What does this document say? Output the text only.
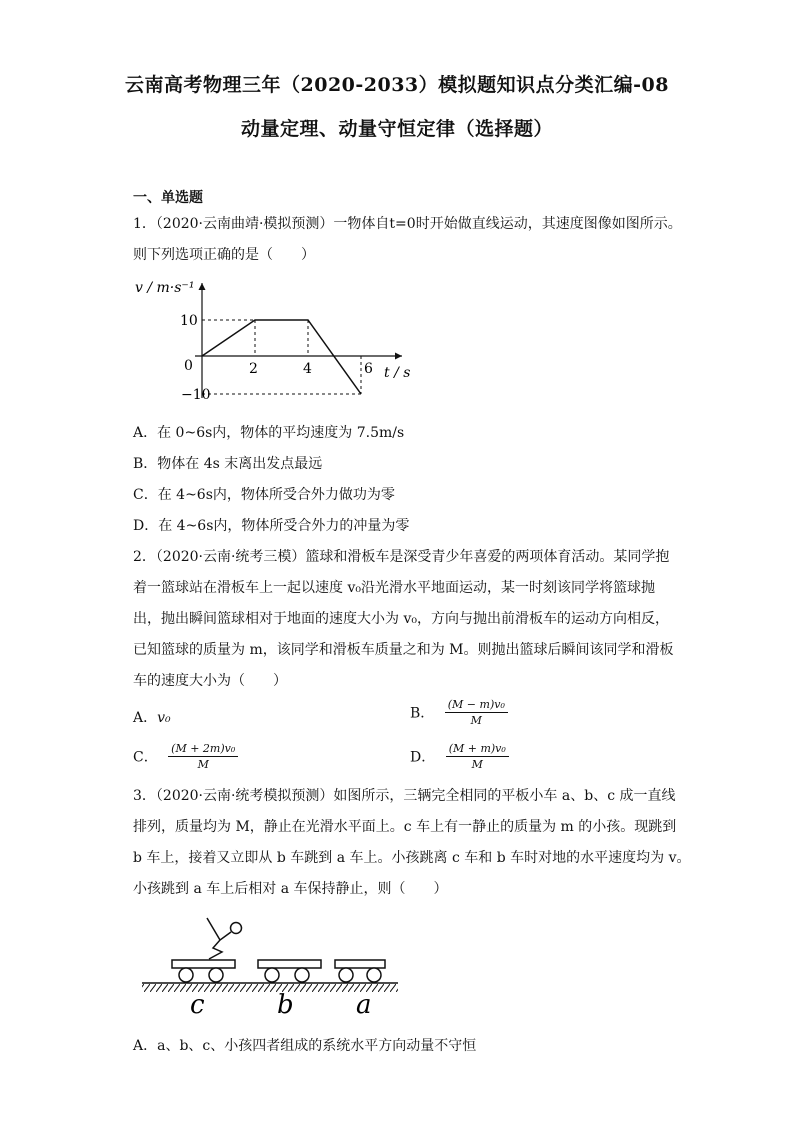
云南高考物理三年（2020-2033）模拟题知识点分类汇编-08
动量定理、动量守恒定律（选择题）
一、单选题
1．（2020·云南曲靖·模拟预测）一物体自t=0时开始做直线运动，其速度图像如图所示。
则下列选项正确的是（　　）
v / m·s⁻¹
10
0
−10
2	4	6 t / s
A．在 0~6s内，物体的平均速度为 7.5m/s
B．物体在 4s 末离出发点最远
C．在 4~6s内，物体所受合外力做功为零
D．在 4~6s内，物体所受合外力的冲量为零
2．（2020·云南·统考三模）篮球和滑板车是深受青少年喜爱的两项体育活动。某同学抱
着一篮球站在滑板车上一起以速度 v₀沿光滑水平地面运动，某一时刻该同学将篮球抛
出，抛出瞬间篮球相对于地面的速度大小为 v₀，方向与抛出前滑板车的运动方向相反，
已知篮球的质量为 m，该同学和滑板车质量之和为 M。则抛出篮球后瞬间该同学和滑板
车的速度大小为（　　）
A．v₀	B． $\frac{\text{(M − m)v₀}}{M}$
C． $\frac{\text{(M + 2m)v₀}}{M}$	D． $\frac{\text{(M + m)v₀}}{M}$
3．（2020·云南·统考模拟预测）如图所示，三辆完全相同的平板小车 a、b、c 成一直线
排列，质量均为 M，静止在光滑水平面上。c 车上有一静止的质量为 m 的小孩。现跳到
b 车上，接着又立即从 b 车跳到 a 车上。小孩跳离 c 车和 b 车时对地的水平速度均为 v。
小孩跳到 a 车上后相对 a 车保持静止，则（　　）
c	b a
A．a、b、c、小孩四者组成的系统水平方向动量不守恒
